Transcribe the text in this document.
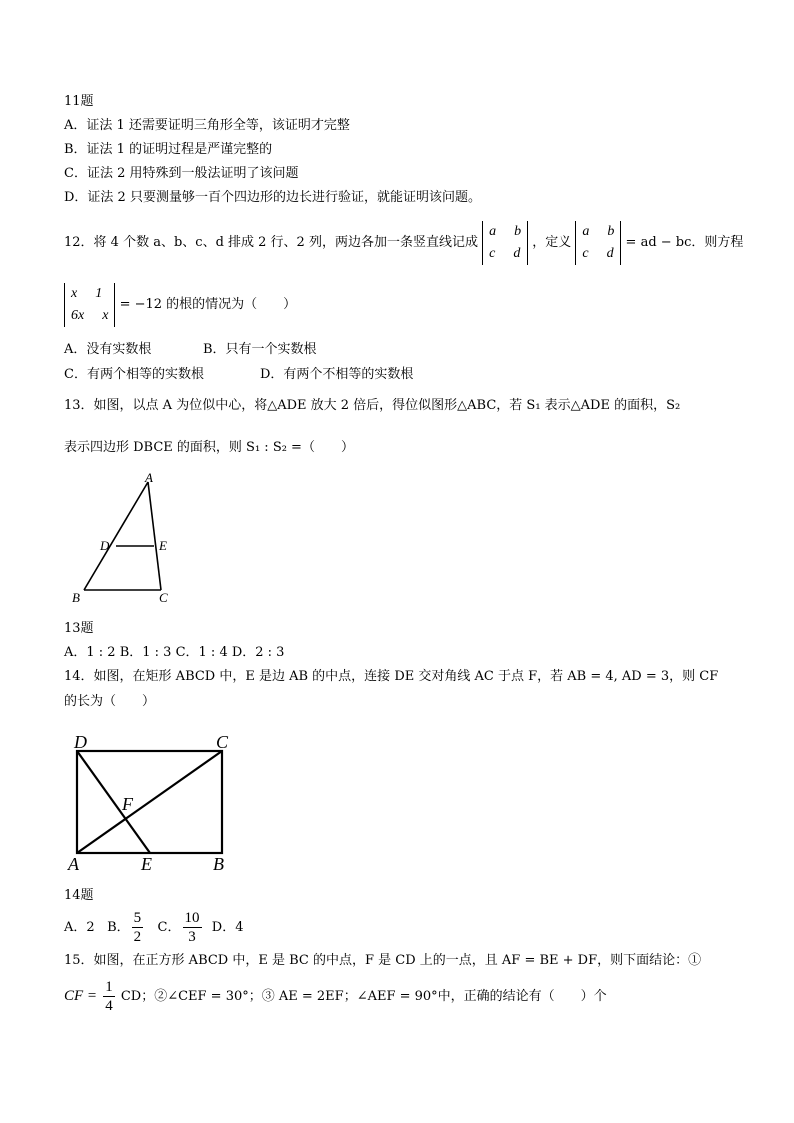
11题
A．证法 1 还需要证明三角形全等，该证明才完整
B．证法 1 的证明过程是严谨完整的
C．证法 2 用特殊到一般法证明了该问题
D．证法 2 只要测量够一百个四边形的边长进行验证，就能证明该问题。
12．将 4 个数 a、b、c、d 排成 2 行、2 列，两边各加一条竖直线记成
a b
c d
，定义
a b
c d
= ad − bc．则方程
x 1
6x x
= −12 的根的情况为（　　）
A．没有实数根	B．只有一个实数根
C．有两个相等的实数根	D．有两个不相等的实数根
13．如图，以点 A 为位似中心，将△ADE 放大 2 倍后，得位似图形△ABC，若 S₁ 表示△ADE 的面积，S₂
表示四边形 DBCE 的面积，则 S₁ : S₂ =（　　）
A
D	E
B	C
13题
A．1 : 2 B．1 : 3 C．1 : 4 D．2 : 3
14．如图，在矩形 ABCD 中，E 是边 AB 的中点，连接 DE 交对角线 AC 于点 F，若 AB = 4, AD = 3，则 CF
的长为（　　）
D	C
F
A	E	B
14题
A．2 B． $\frac{5}{2}$ C． $\frac{10}{3}$ D．4
15．如图，在正方形 ABCD 中，E 是 BC 的中点，F 是 CD 上的一点，且 AF = BE + DF，则下面结论：①
CF = $\frac{1}{4}$ CD；②∠CEF = 30°；③ AE = 2EF；∠AEF = 90°中，正确的结论有（　　）个
